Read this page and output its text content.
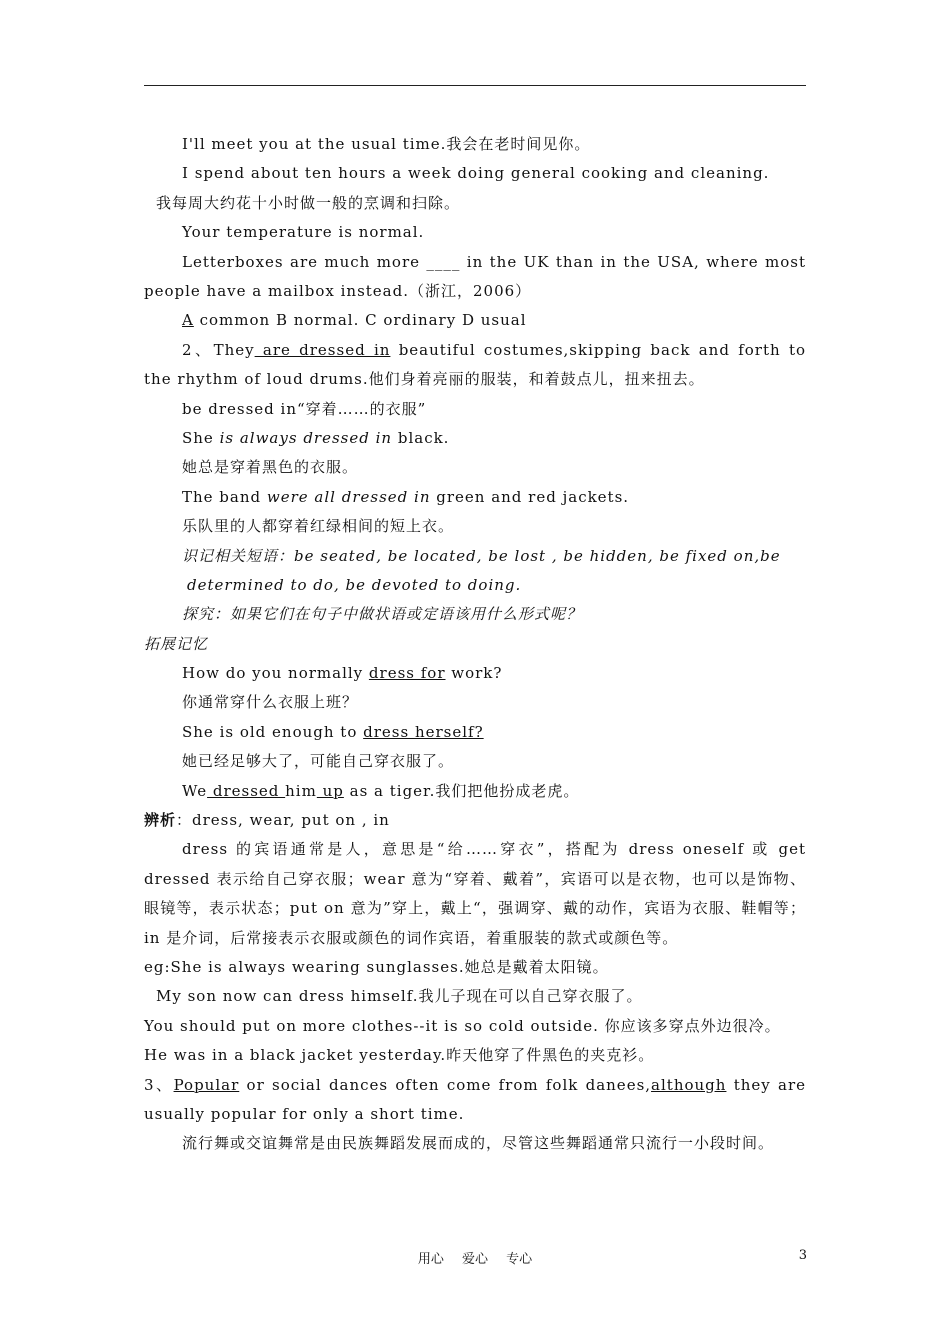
I'll meet you at the usual time.我会在老时间见你。
I spend about ten hours a week doing general cooking and cleaning.
我每周大约花十小时做一般的烹调和扫除。
Your temperature is normal.
Letterboxes are much more ____ in the UK than in the USA, where most people have a mailbox instead.（浙江，2006）
A common B normal. C ordinary D usual
2、They are dressed in beautiful costumes,skipping back and forth to the rhythm of loud drums.他们身着亮丽的服装，和着鼓点儿，扭来扭去。
be dressed in“穿着……的衣服”
She is always dressed in black.
她总是穿着黑色的衣服。
The band were all dressed in green and red jackets.
乐队里的人都穿着红绿相间的短上衣。
识记相关短语：be seated, be located, be lost , be hidden, be fixed on,be
determined to do, be devoted to doing.
探究：如果它们在句子中做状语或定语该用什么形式呢？
拓展记忆
How do you normally dress for work?
你通常穿什么衣服上班？
She is old enough to dress herself?
她已经足够大了，可能自己穿衣服了。
We dressed him up as a tiger.我们把他扮成老虎。
辨析：dress, wear, put on , in
dress 的宾语通常是人，意思是“给……穿衣”，搭配为 dress oneself 或 get dressed 表示给自己穿衣服；wear 意为“穿着、戴着”，宾语可以是衣物，也可以是饰物、眼镜等，表示状态；put on 意为”穿上，戴上“，强调穿、戴的动作，宾语为衣服、鞋帽等；in 是介词，后常接表示衣服或颜色的词作宾语，着重服装的款式或颜色等。
eg:She is always wearing sunglasses.她总是戴着太阳镜。
My son now can dress himself.我儿子现在可以自己穿衣服了。
You should put on more clothes--it is so cold outside. 你应该多穿点外边很冷。
He was in a black jacket yesterday.昨天他穿了件黑色的夹克衫。
3、Popular or social dances often come from folk danees,although they are usually popular for only a short time.
流行舞或交谊舞常是由民族舞蹈发展而成的，尽管这些舞蹈通常只流行一小段时间。
用心 爱心 专心	3
